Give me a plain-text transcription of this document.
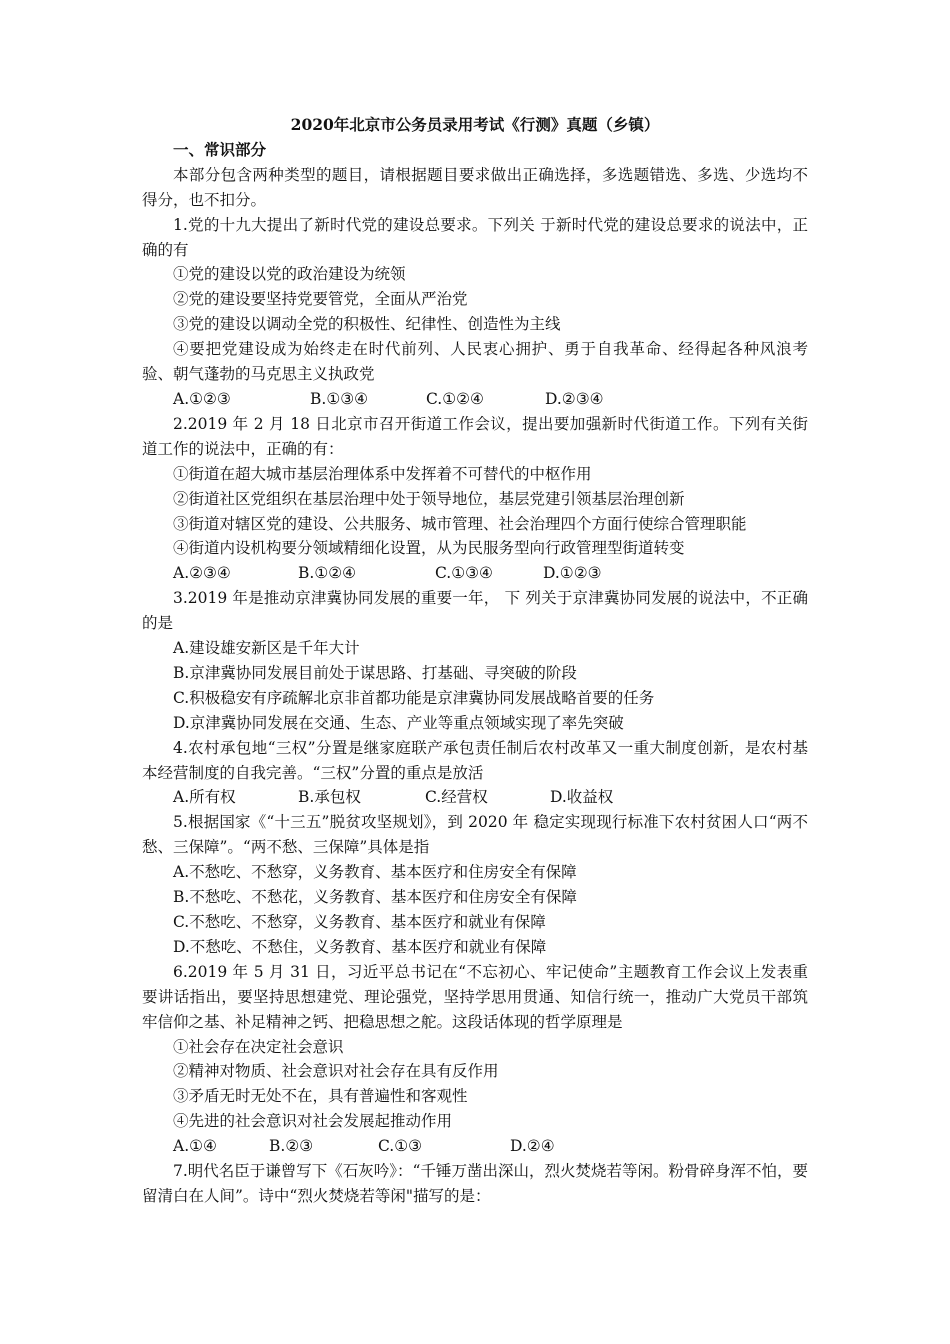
2020年北京市公务员录用考试《行测》真题（乡镇）
一、常识部分
本部分包含两种类型的题目，请根据题目要求做出正确选择，多选题错选、多选、少选均不得分，也不扣分。
1.党的十九大提出了新时代党的建设总要求。下列关 于新时代党的建设总要求的说法中，正确的有
①党的建设以党的政治建设为统领
②党的建设要坚持党要管党，全面从严治党
③党的建设以调动全党的积极性、纪律性、创造性为主线
④要把党建设成为始终走在时代前列、人民衷心拥护、勇于自我革命、经得起各种风浪考验、朝气蓬勃的马克思主义执政党
A.①②③	B.①③④	C.①②④	D.②③④
2.2019 年 2 月 18 日北京市召开街道工作会议，提出要加强新时代街道工作。下列有关街道工作的说法中，正确的有：
①街道在超大城市基层治理体系中发挥着不可替代的中枢作用
②街道社区党组织在基层治理中处于领导地位，基层党建引领基层治理创新
③街道对辖区党的建设、公共服务、城市管理、社会治理四个方面行使综合管理职能
④街道内设机构要分领域精细化设置，从为民服务型向行政管理型街道转变
A.②③④	B.①②④	C.①③④	D.①②③
3.2019 年是推动京津冀协同发展的重要一年， 下 列关于京津冀协同发展的说法中，不正确的是
A.建设雄安新区是千年大计
B.京津冀协同发展目前处于谋思路、打基础、寻突破的阶段
C.积极稳安有序疏解北京非首都功能是京津冀协同发展战略首要的任务
D.京津冀协同发展在交通、生态、产业等重点领域实现了率先突破
4.农村承包地“三权”分置是继家庭联产承包责任制后农村改革又一重大制度创新，是农村基本经营制度的自我完善。“三权”分置的重点是放活
A.所有权	B.承包权	C.经营权	D.收益权
5.根据国家《“十三五”脱贫攻坚规划》，到 2020 年 稳定实现现行标准下农村贫困人口“两不愁、三保障”。“两不愁、三保障”具体是指
A.不愁吃、不愁穿，义务教育、基本医疗和住房安全有保障
B.不愁吃、不愁花，义务教育、基本医疗和住房安全有保障
C.不愁吃、不愁穿，义务教育、基本医疗和就业有保障
D.不愁吃、不愁住，义务教育、基本医疗和就业有保障
6.2019 年 5 月 31 日，习近平总书记在“不忘初心、牢记使命”主题教育工作会议上发表重要讲话指出，要坚持思想建党、理论强党，坚持学思用贯通、知信行统一，推动广大党员干部筑牢信仰之基、补足精神之钙、把稳思想之舵。这段话体现的哲学原理是
①社会存在决定社会意识
②精神对物质、社会意识对社会存在具有反作用
③矛盾无时无处不在，具有普遍性和客观性
④先进的社会意识对社会发展起推动作用
A.①④	B.②③	C.①③	D.②④
7.明代名臣于谦曾写下《石灰吟》：“千锤万凿出深山，烈火焚烧若等闲。粉骨碎身浑不怕，要留清白在人间”。诗中“烈火焚烧若等闲"描写的是：
